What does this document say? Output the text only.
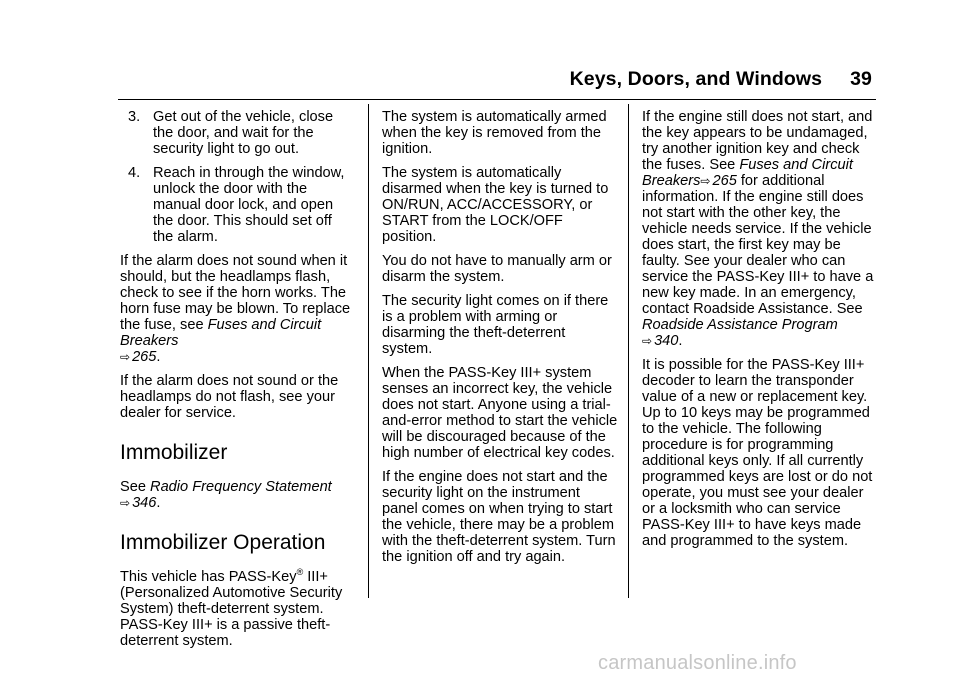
Keys, Doors, and Windows 39
3. Get out of the vehicle, close the door, and wait for the security light to go out.
4. Reach in through the window, unlock the door with the manual door lock, and open the door. This should set off the alarm.

If the alarm does not sound when it should, but the headlamps flash, check to see if the horn works. The horn fuse may be blown. To replace the fuse, see Fuses and Circuit Breakers
⇨ 265.

If the alarm does not sound or the headlamps do not flash, see your dealer for service.

Immobilizer

See Radio Frequency Statement
⇨ 346.

Immobilizer Operation

This vehicle has PASS-Key® III+ (Personalized Automotive Security System) theft-deterrent system. PASS-Key III+ is a passive theft-deterrent system.

The system is automatically armed when the key is removed from the ignition.

The system is automatically disarmed when the key is turned to ON/RUN, ACC/ACCESSORY, or START from the LOCK/OFF position.

You do not have to manually arm or disarm the system.

The security light comes on if there is a problem with arming or disarming the theft-deterrent system.

When the PASS-Key III+ system senses an incorrect key, the vehicle does not start. Anyone using a trial-and-error method to start the vehicle will be discouraged because of the high number of electrical key codes.

If the engine does not start and the security light on the instrument panel comes on when trying to start the vehicle, there may be a problem with the theft-deterrent system. Turn the ignition off and try again.

If the engine still does not start, and the key appears to be undamaged, try another ignition key and check the fuses. See Fuses and Circuit Breakers⇨ 265 for additional information. If the engine still does not start with the other key, the vehicle needs service. If the vehicle does start, the first key may be faulty. See your dealer who can service the PASS-Key III+ to have a new key made. In an emergency, contact Roadside Assistance. See Roadside Assistance Program
⇨ 340.

It is possible for the PASS-Key III+ decoder to learn the transponder value of a new or replacement key. Up to 10 keys may be programmed to the vehicle. The following procedure is for programming additional keys only. If all currently programmed keys are lost or do not operate, you must see your dealer or a locksmith who can service PASS-Key III+ to have keys made and programmed to the system.

carmanualsonline.info
